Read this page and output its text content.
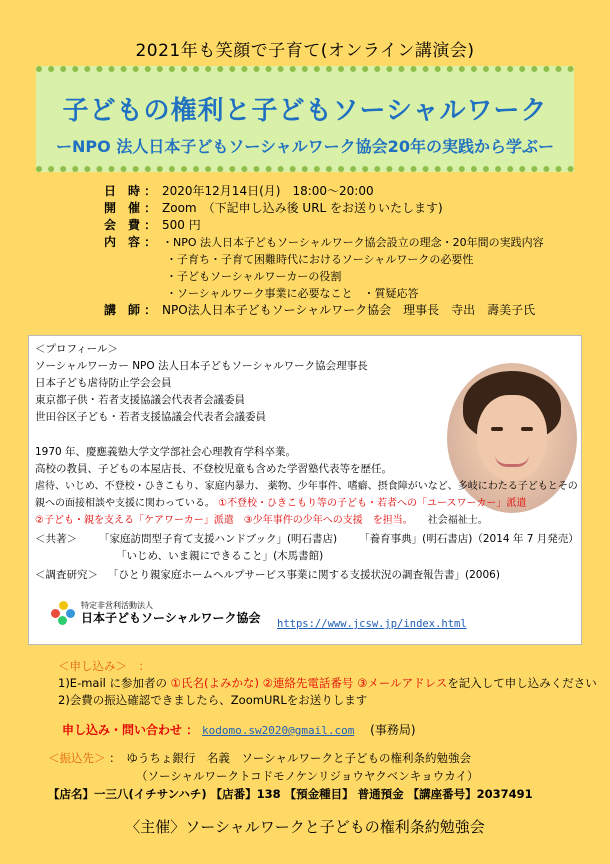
2021年も笑顔で子育て(オンライン講演会)
子どもの権利と子どもソーシャルワーク
ーNPO 法人日本子どもソーシャルワーク協会20年の実践から学ぶー
日　時 ： 2020年12月14日(月)　18:00～20:00
開　催 ： Zoom　（下記申し込み後 URL をお送りいたします)
会　費 ： 500 円
内　容 ： ・NPO 法人日本子どもソーシャルワーク協会設立の理念・20年間の実践内容
・子育ち・子育て困難時代におけるソーシャルワークの必要性
・子どもソーシャルワーカーの役割
・ソーシャルワーク事業に必要なこと　・質疑応答
講　師 ： NPO法人日本子どもソーシャルワーク協会　理事長　寺出　壽美子氏
＜プロフィール＞
ソーシャルワーカー NPO 法人日本子どもソーシャルワーク協会理事長
日本子ども虐待防止学会会員
東京都子供・若者支援協議会代表者会議委員
世田谷区子ども・若者支援協議会代表者会議委員
1970 年、慶應義塾大学文学部社会心理教育学科卒業。
高校の教員、子どもの本屋店長、不登校児童も含めた学習塾代表等を歴任。
虐待、いじめ、不登校・ひきこもり、家庭内暴力、 薬物、少年事件、嗜癖、摂食障がいなど、多岐にわたる子どもとその
親への面接相談や支援に関わっている。 ①不登校・ひきこもり等の子ども・若者への「ユースワーカー」派遣
②子ども・親を支える「ケアワーカー」派遣　③少年事件の少年への支援　を担当。　　社会福祉士。
＜共著＞ 「家庭訪問型子育て支援ハンドブック」(明石書店) 「養育事典」(明石書店)（2014 年 7 月発売）
「いじめ、いま親にできること」(木馬書館)
＜調査研究＞ 「ひとり親家庭ホームヘルプサービス事業に関する支援状況の調査報告書」(2006)
特定非営利活動法人
日本子どもソーシャルワーク協会 https://www.jcsw.jp/index.html
＜申し込み＞　：
1)E-mail に参加者の ①氏名(よみかな) ②連絡先電話番号 ③メールアドレスを記入して申し込みください
2)会費の振込確認できましたら、ZoomURLをお送りします
申し込み・問い合わせ ： kodomo.sw2020@gmail.com 　(事務局)
＜振込先＞ ：　ゆうちょ銀行　名義　ソーシャルワークと子どもの権利条約勉強会
（ソーシャルワークトコドモノケンリジョウヤクベンキョウカイ）
【店名】一三八(イチサンハチ) 【店番】138 【預金種目】 普通預金 【講座番号】2037491
〈主催〉ソーシャルワークと子どもの権利条約勉強会
